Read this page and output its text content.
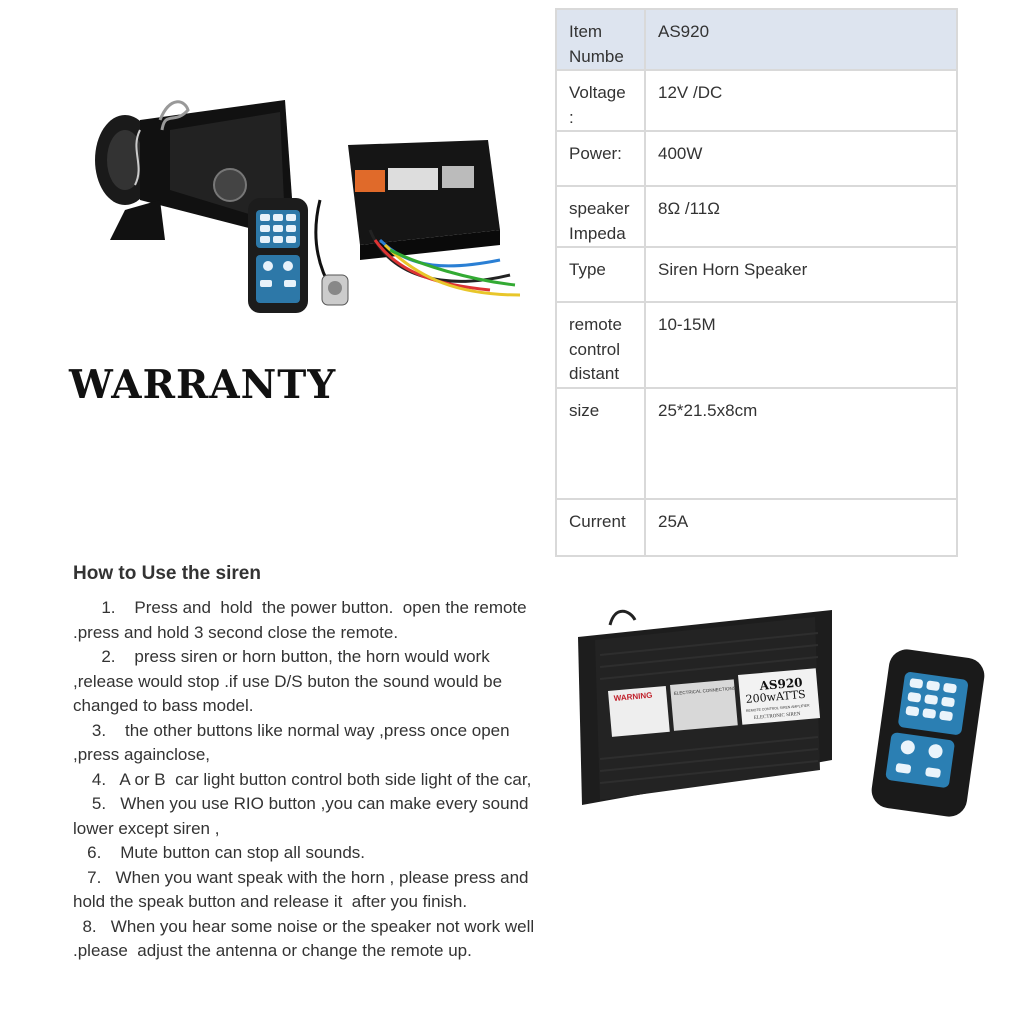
Item Numbe	AS920
Voltage :	12V /DC
Power:	400W
speaker Impeda	8Ω /11Ω
Type	Siren Horn Speaker
remote control distant	10-15M
size	25*21.5x8cm
Current	25A
WARRANTY
How to Use the siren
1.    Press and  hold  the power button.  open the remote .press and hold 3 second close the remote.
2.    press siren or horn button, the horn would work ,release would stop .if use D/S buton the sound would be changed to bass model.
3.    the other buttons like normal way ,press once open ,press againclose,
4.   A or B  car light button control both side light of the car,
5.   When you use RIO button ,you can make every sound lower except siren ,
6.    Mute button can stop all sounds.
7.   When you want speak with the horn , please press and hold the speak button and release it  after you finish.
8.   When you hear some noise or the speaker not work well .please  adjust the antenna or change the remote up.
WARNING	ELECTRICAL CONNECTIONS AS920
200wATTS
REMOTE CONTROL SIREN AMPLIFIER
ELECTRONIC SIREN
